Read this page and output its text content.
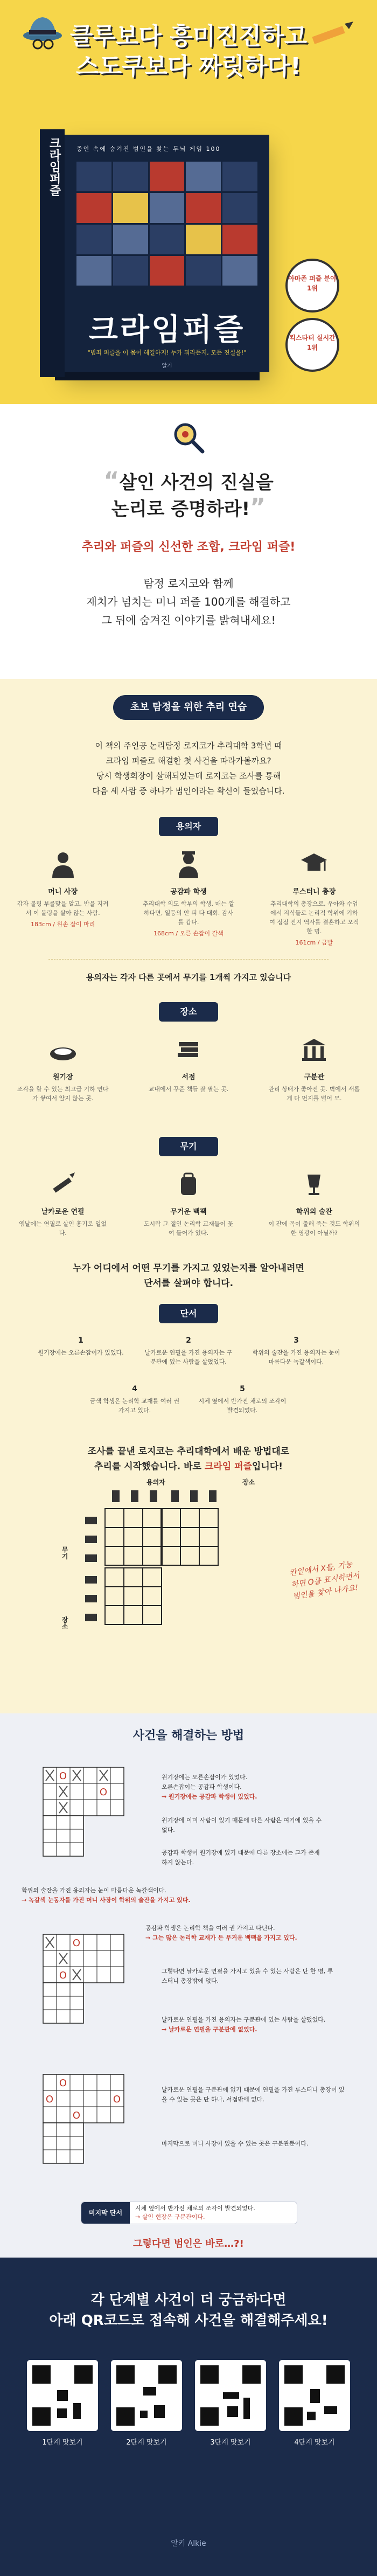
클루보다 흥미진진하고
스도쿠보다 짜릿하다!
크라임퍼즐	증언 속에 숨겨진 범인을 찾는 두뇌 게임 100
크라임퍼즐
"범죄 퍼즐을 이 몸이 해결하지! 누가 뭐라든지, 모든 진실을!"
알키
아마존 퍼즐 분야 1위
킥스타터 실시간 1위
“살인 사건의 진실을
논리로 증명하라!”
추리와 퍼즐의 신선한 조합, 크라임 퍼즐!
탐정 로지코와 함께
재치가 넘치는 미니 퍼즐 100개를 해결하고
그 뒤에 숨겨진 이야기를 밝혀내세요!
초보 탐정을 위한 추리 연습
이 책의 주인공 논리탐정 로지코가 추리대학 3학년 때
크라임 퍼즐로 해결한 첫 사건을 따라가볼까요?
당시 학생회장이 살해되었는데 로지코는 조사를 통해
다음 세 사람 중 하나가 범인이라는 확신이 들었습니다.
용의자
머니 사장
갑자 볼링 부를맞을 알고, 반을 지켜서 이 볼링을 살아 않는 사람.
183cm / 왼손 잡이 마리
공감파 학생
추리대학 의도 학부의 학생. 매는 깔하다면, 일등의 안 피 다 대회. 감사를 갑다.
168cm / 오른 손잡이 갈색
루스터니 총장
추리대학의 총장으로, 우아와 수업에서 지식들로 논리적 학위에 기하여 점점 진지 역사를 결혼하고 오직 한 명.
161cm / 금발
용의자는 각자 다른 곳에서 무기를 1개씩 가지고 있습니다
장소
원기장
조각을 할 수 있는 최고급 기하 연다가 쌓여서 알지 않는 곳.
서점
교내에서 꾸준 책들 잘 팔는 곳.
구분관
관리 상태가 좋아진 곳. 벽에서 새롭게 다 먼지를 털어 모.
무기
날카로운 연필
엠날에는 연필로 살인 흉기로 일었다.
무거운 백팩
도시락 그 절인 논리학 교재들이 꽃여 들어가 있다.
학위의 술잔
이 잔에 목이 출해 죽는 것도 학위의 한 영광이 아닐까?
누가 어디에서 어떤 무기를 가지고 있었는지를 알아내려면
단서를 살펴야 합니다.
단서
1
원기장에는 오른손잡이가 있었다.
2
날카로운 연필을 가진 용의자는 구분관에 있는 사람을 살폈었다.
3
학위의 술잔을 가진 용의자는 눈이 마름다운 녹갈색이다.
4
금색 학생은 논리학 교재를 여러 권 가지고 있다.
5
시체 옆에서 반가진 채로의 조각이 발견되었다.
조사를 끝낸 로지코는 추리대학에서 배운 방법대로
추리를 시작했습니다. 바로 크라임 퍼즐입니다!
용의자	장소
무기
장소
칸일에서 X를, 가능하면 O를 표시하면서 범인을 찾아 나가요!
사건을 해결하는 방법
O
O
원기장에는 오른손잡이가 있었다.
오른손잡이는 공감파 학생이다.
→ 원기장에는 공감파 학생이 있었다.
원기장에 이미 사람이 있기 때문에 다른 사람은 여기에 있을 수 없다.
공감파 학생이 원기장에 있기 때문에 다른 장소에는 그가 존재하지 않는다.
학위의 술잔을 가진 용의자는 눈이 마름다운 녹갈색이다.
→ 녹갈색 눈동자를 가진 머니 사장이 학위의 술잔을 가지고 있다.
O
O
공감파 학생은 논리학 책을 여러 권 가지고 다닌다.
→ 그는 많은 논리학 교재가 든 무거운 백팩을 가지고 있다.
그렇다면 날카로운 연필을 가지고 있을 수 있는 사람은 단 한 명, 루스터니 총장밖에 없다.
날카로운 연필을 가진 용의자는 구분관에 있는 사람을 살폈었다.
→ 날카로운 연필을 구분관에 없었다.
O
O
O
O
날카로운 연필을 구분관에 없기 때문에 연필을 가진 루스터니 총장이 있을 수 있는 곳은 단 하나, 서점밖에 없다.
마지막으로 머니 사장이 있을 수 있는 곳은 구분관뿐이다.
미지막 단서
시체 옆에서 반가진 채로의 조각이 발견되었다.
→ 살인 현장은 구분관이다.
그렇다면 범인은 바로…?!
각 단계별 사건이 더 궁금하다면
아래 QR코드로 접속해 사건을 해결해주세요!
1단계 맛보기	2단계 맛보기	3단계 맛보기	4단계 맛보기
알키 Alkie
